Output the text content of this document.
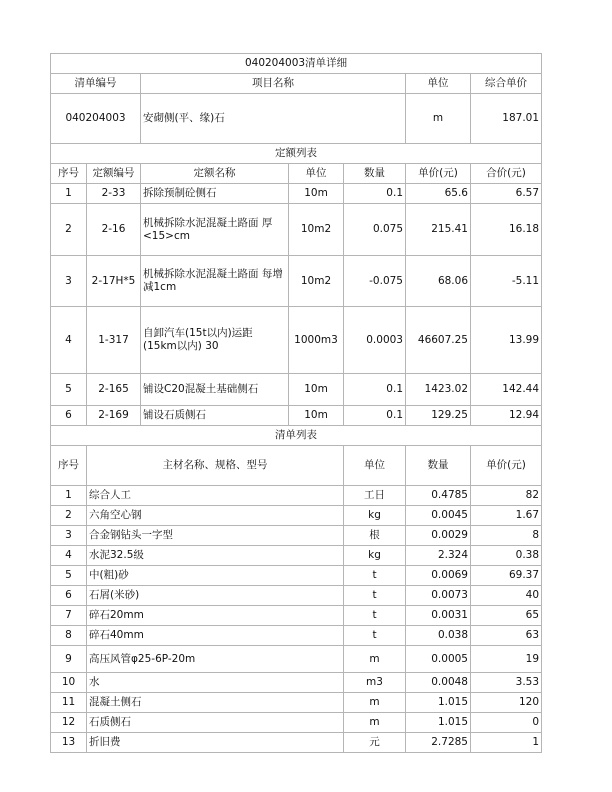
040204003清单详细							
清单编号		项目名称			单位	综合单价	
040204003		安砌侧(平、缘)石			m	187.01	
定额列表							
序号	定额编号	定额名称	单位	数量	单价(元)	合价(元)	
1	2-33	拆除预制砼侧石	10m	0.1	65.6	6.57	
2	2-16	机械拆除水泥混凝土路面 厚<15>cm	10m2	0.075	215.41	16.18	
3	2-17H*5	机械拆除水泥混凝土路面 每增减1cm	10m2	-0.075	68.06	-5.11	
4	1-317	自卸汽车(15t以内)运距(15km以内) 30	1000m3	0.0003	46607.25	13.99	
5	2-165	铺设C20混凝土基础侧石	10m	0.1	1423.02	142.44	
6	2-169	铺设石质侧石	10m	0.1	129.25	12.94	
清单列表							
序号	主材名称、规格、型号			单位	数量	单价(元)	
1	综合人工			工日	0.4785	82	
2	六角空心钢			kg	0.0045	1.67	
3	合金钢钻头一字型			根	0.0029	8	
4	水泥32.5级			kg	2.324	0.38	
5	中(粗)砂			t	0.0069	69.37	
6	石屑(米砂)			t	0.0073	40	
7	碎石20mm			t	0.0031	65	
8	碎石40mm			t	0.038	63	
9	高压风管φ25-6P-20m			m	0.0005	19	
10	水			m3	0.0048	3.53	
11	混凝土侧石			m	1.015	120	
12	石质侧石			m	1.015	0	
13	折旧费			元	2.7285	1	
